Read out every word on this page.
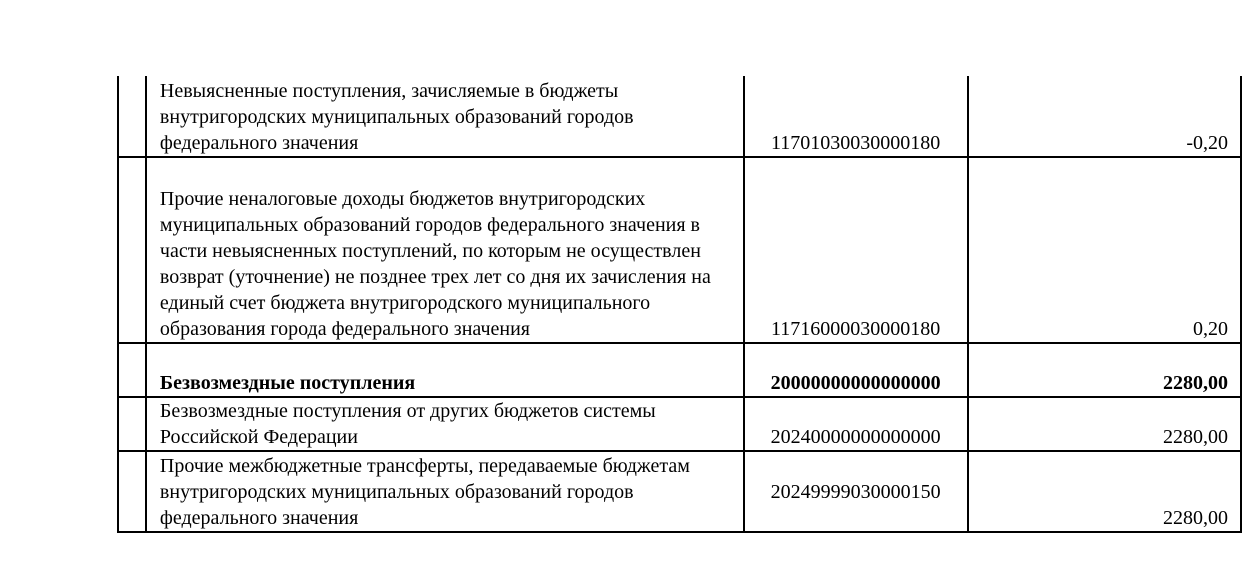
	Невыясненные поступления, зачисляемые в бюджеты внутригородских муниципальных образований городов федерального значения	11701030030000180	-0,20

	Прочие неналоговые доходы бюджетов внутригородских муниципальных образований городов федерального значения в части невыясненных поступлений, по которым не осуществлен возврат (уточнение) не позднее трех лет со дня их зачисления на единый счет бюджета внутригородского муниципального образования города федерального значения	11716000030000180	0,20

	Безвозмездные поступления	20000000000000000	2280,00

	Безвозмездные поступления от других бюджетов системы Российской Федерации	20240000000000000	2280,00

	Прочие межбюджетные трансферты, передаваемые бюджетам внутригородских муниципальных образований городов федерального значения	20249999030000150	2280,00
